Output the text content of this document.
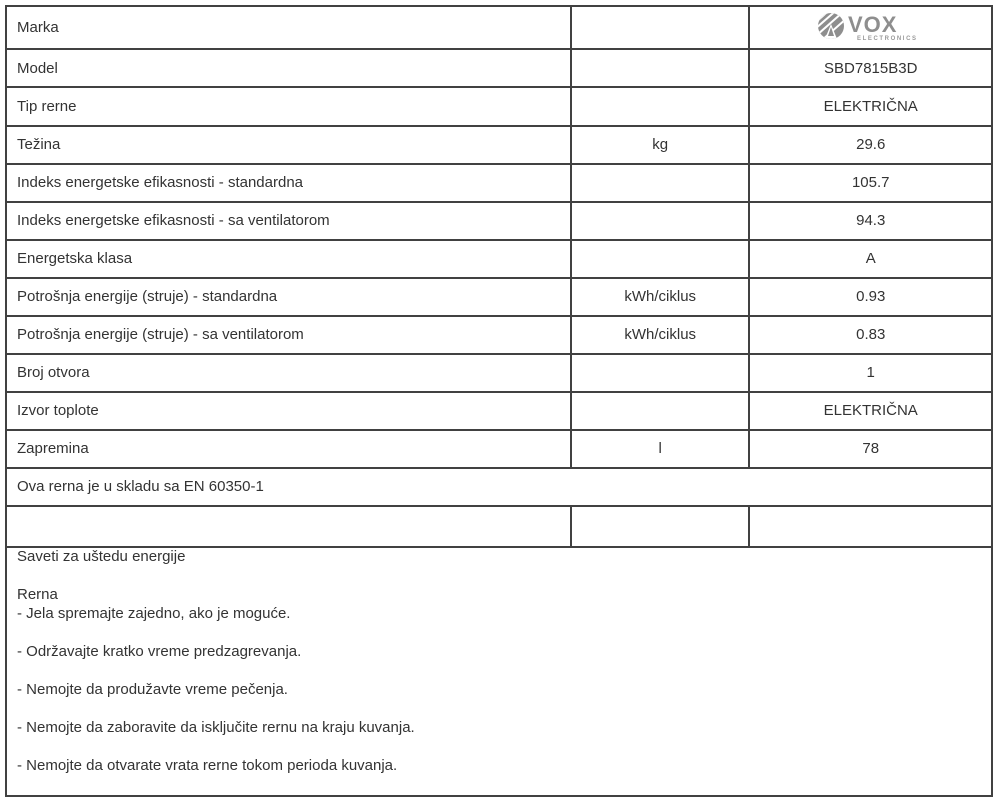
Marka		VOX
ELECTRONICS

Model		SBD7815B3D
Tip rerne		ELEKTRIČNA
Težina	kg	29.6
Indeks energetske efikasnosti - standardna		105.7
Indeks energetske efikasnosti - sa ventilatorom		94.3
Energetska klasa		A
Potrošnja energije (struje) - standardna	kWh/ciklus	0.93
Potrošnja energije (struje) - sa ventilatorom	kWh/ciklus	0.83
Broj otvora		1
Izvor toplote		ELEKTRIČNA
Zapremina	l	78
Ova rerna je u skladu sa EN 60350-1		

Saveti za uštedu energije

Rerna

- Jela spremajte zajedno, ako je moguće.

- Održavajte kratko vreme predzagrevanja.

- Nemojte da produžavte vreme pečenja.

- Nemojte da zaboravite da isključite rernu na kraju kuvanja.

- Nemojte da otvarate vrata rerne tokom perioda kuvanja.
